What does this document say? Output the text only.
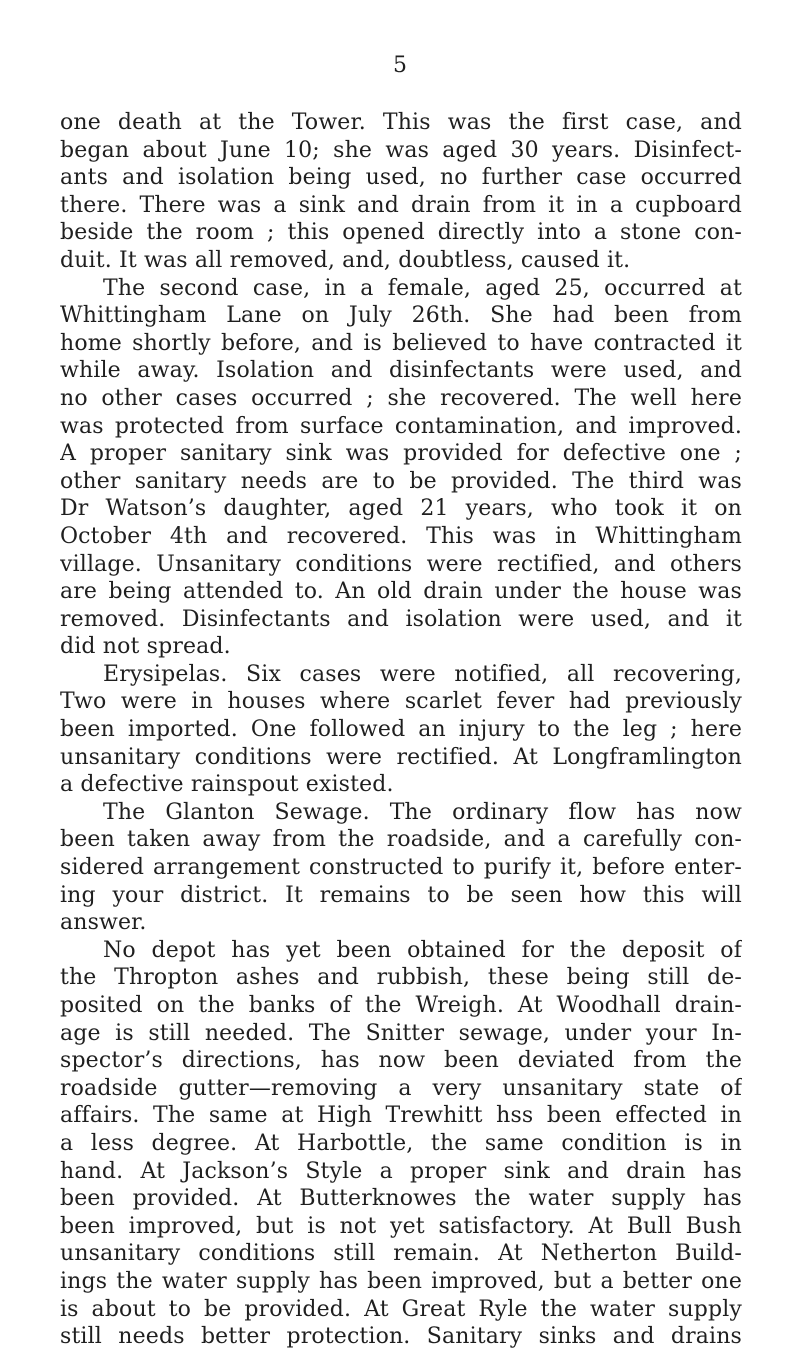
5
one death at the Tower. This was the first case, and
began about June 10; she was aged 30 years. Disinfect-
ants and isolation being used, no further case occurred
there. There was a sink and drain from it in a cupboard
beside the room ; this opened directly into a stone con-
duit. It was all removed, and, doubtless, caused it.
The second case, in a female, aged 25, occurred at
Whittingham Lane on July 26th. She had been from
home shortly before, and is believed to have contracted it
while away. Isolation and disinfectants were used, and
no other cases occurred ; she recovered. The well here
was protected from surface contamination, and improved.
A proper sanitary sink was provided for defective one ;
other sanitary needs are to be provided. The third was
Dr Watson’s daughter, aged 21 years, who took it on
October 4th and recovered. This was in Whittingham
village. Unsanitary conditions were rectified, and others
are being attended to. An old drain under the house was
removed. Disinfectants and isolation were used, and it
did not spread.
Erysipelas. Six cases were notified, all recovering,
Two were in houses where scarlet fever had previously
been imported. One followed an injury to the leg ; here
unsanitary conditions were rectified. At Longframlington
a defective rainspout existed.
The Glanton Sewage. The ordinary flow has now
been taken away from the roadside, and a carefully con-
sidered arrangement constructed to purify it, before enter-
ing your district. It remains to be seen how this will
answer.
No depot has yet been obtained for the deposit of
the Thropton ashes and rubbish, these being still de-
posited on the banks of the Wreigh. At Woodhall drain-
age is still needed. The Snitter sewage, under your In-
spector’s directions, has now been deviated from the
roadside gutter—removing a very unsanitary state of
affairs. The same at High Trewhitt hss been effected in
a less degree. At Harbottle, the same condition is in
hand. At Jackson’s Style a proper sink and drain has
been provided. At Butterknowes the water supply has
been improved, but is not yet satisfactory. At Bull Bush
unsanitary conditions still remain. At Netherton Build-
ings the water supply has been improved, but a better one
is about to be provided. At Great Ryle the water supply
still needs better protection. Sanitary sinks and drains
